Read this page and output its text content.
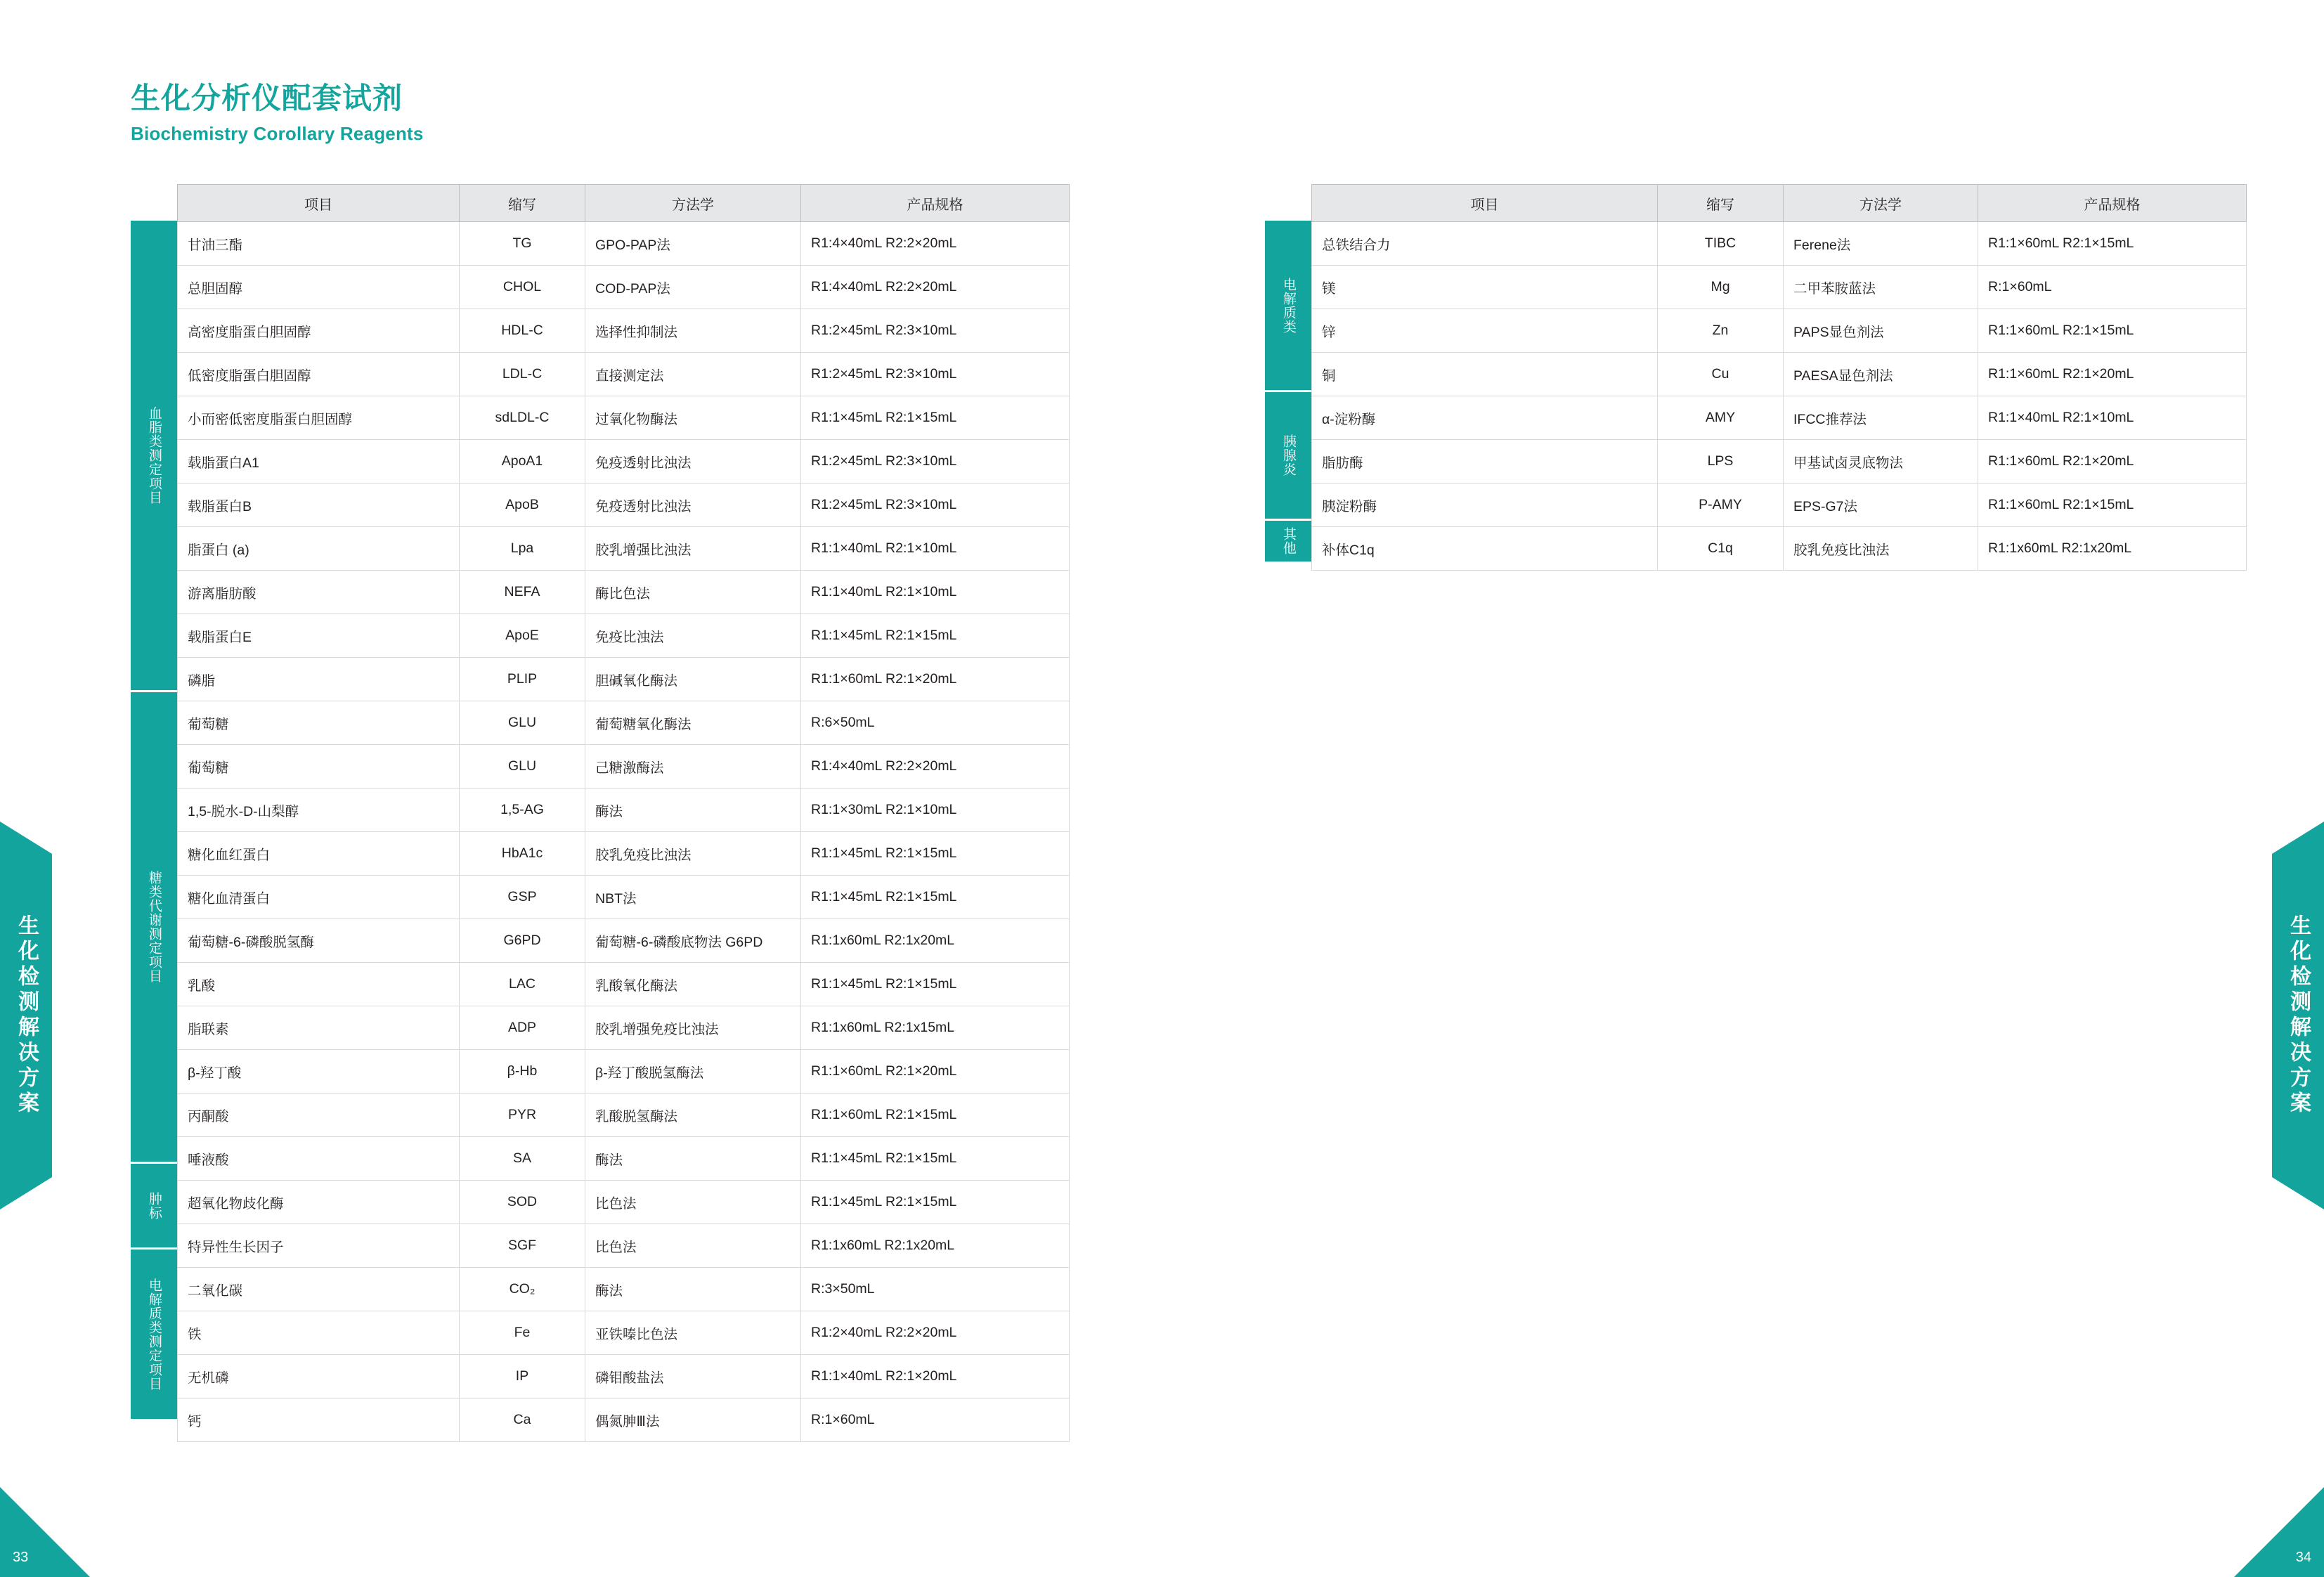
生化检测解决方案	生化检测解决方案
33	34
生化分析仪配套试剂
Biochemistry Corollary Reagents
血脂类测定项目
糖类代谢测定项目
肿标
电解质类测定项目
项目	缩写	方法学	产品规格
甘油三酯	TG	GPO-PAP法	R1:4×40mL R2:2×20mL
总胆固醇	CHOL	COD-PAP法	R1:4×40mL R2:2×20mL
高密度脂蛋白胆固醇	HDL-C	选择性抑制法	R1:2×45mL R2:3×10mL
低密度脂蛋白胆固醇	LDL-C	直接测定法	R1:2×45mL R2:3×10mL
小而密低密度脂蛋白胆固醇	sdLDL-C	过氧化物酶法	R1:1×45mL R2:1×15mL
载脂蛋白A1	ApoA1	免疫透射比浊法	R1:2×45mL R2:3×10mL
载脂蛋白B	ApoB	免疫透射比浊法	R1:2×45mL R2:3×10mL
脂蛋白 (a)	Lpa	胶乳增强比浊法	R1:1×40mL R2:1×10mL
游离脂肪酸	NEFA	酶比色法	R1:1×40mL R2:1×10mL
载脂蛋白E	ApoE	免疫比浊法	R1:1×45mL R2:1×15mL
磷脂	PLIP	胆碱氧化酶法	R1:1×60mL R2:1×20mL
葡萄糖	GLU	葡萄糖氧化酶法	R:6×50mL
葡萄糖	GLU	己糖激酶法	R1:4×40mL R2:2×20mL
1,5-脱水-D-山梨醇	1,5-AG	酶法	R1:1×30mL R2:1×10mL
糖化血红蛋白	HbA1c	胶乳免疫比浊法	R1:1×45mL R2:1×15mL
糖化血清蛋白	GSP	NBT法	R1:1×45mL R2:1×15mL
葡萄糖-6-磷酸脱氢酶	G6PD	葡萄糖-6-磷酸底物法 G6PD	R1:1x60mL R2:1x20mL
乳酸	LAC	乳酸氧化酶法	R1:1×45mL R2:1×15mL
脂联素	ADP	胶乳增强免疫比浊法	R1:1x60mL R2:1x15mL
β-羟丁酸	β-Hb	β-羟丁酸脱氢酶法	R1:1×60mL R2:1×20mL
丙酮酸	PYR	乳酸脱氢酶法	R1:1×60mL R2:1×15mL
唾液酸	SA	酶法	R1:1×45mL R2:1×15mL
超氧化物歧化酶	SOD	比色法	R1:1×45mL R2:1×15mL
特异性生长因子	SGF	比色法	R1:1x60mL R2:1x20mL
二氧化碳	CO₂	酶法	R:3×50mL
铁	Fe	亚铁嗪比色法	R1:2×40mL R2:2×20mL
无机磷	IP	磷钼酸盐法	R1:1×40mL R2:1×20mL
钙	Ca	偶氮胂Ⅲ法	R:1×60mL
电解质类
胰腺炎
其他
项目	缩写	方法学	产品规格
总铁结合力	TIBC	Ferene法	R1:1×60mL R2:1×15mL
镁	Mg	二甲苯胺蓝法	R:1×60mL
锌	Zn	PAPS显色剂法	R1:1×60mL R2:1×15mL
铜	Cu	PAESA显色剂法	R1:1×60mL R2:1×20mL
α-淀粉酶	AMY	IFCC推荐法	R1:1×40mL R2:1×10mL
脂肪酶	LPS	甲基试卤灵底物法	R1:1×60mL R2:1×20mL
胰淀粉酶	P-AMY	EPS-G7法	R1:1×60mL R2:1×15mL
补体C1q	C1q	胶乳免疫比浊法	R1:1x60mL R2:1x20mL
